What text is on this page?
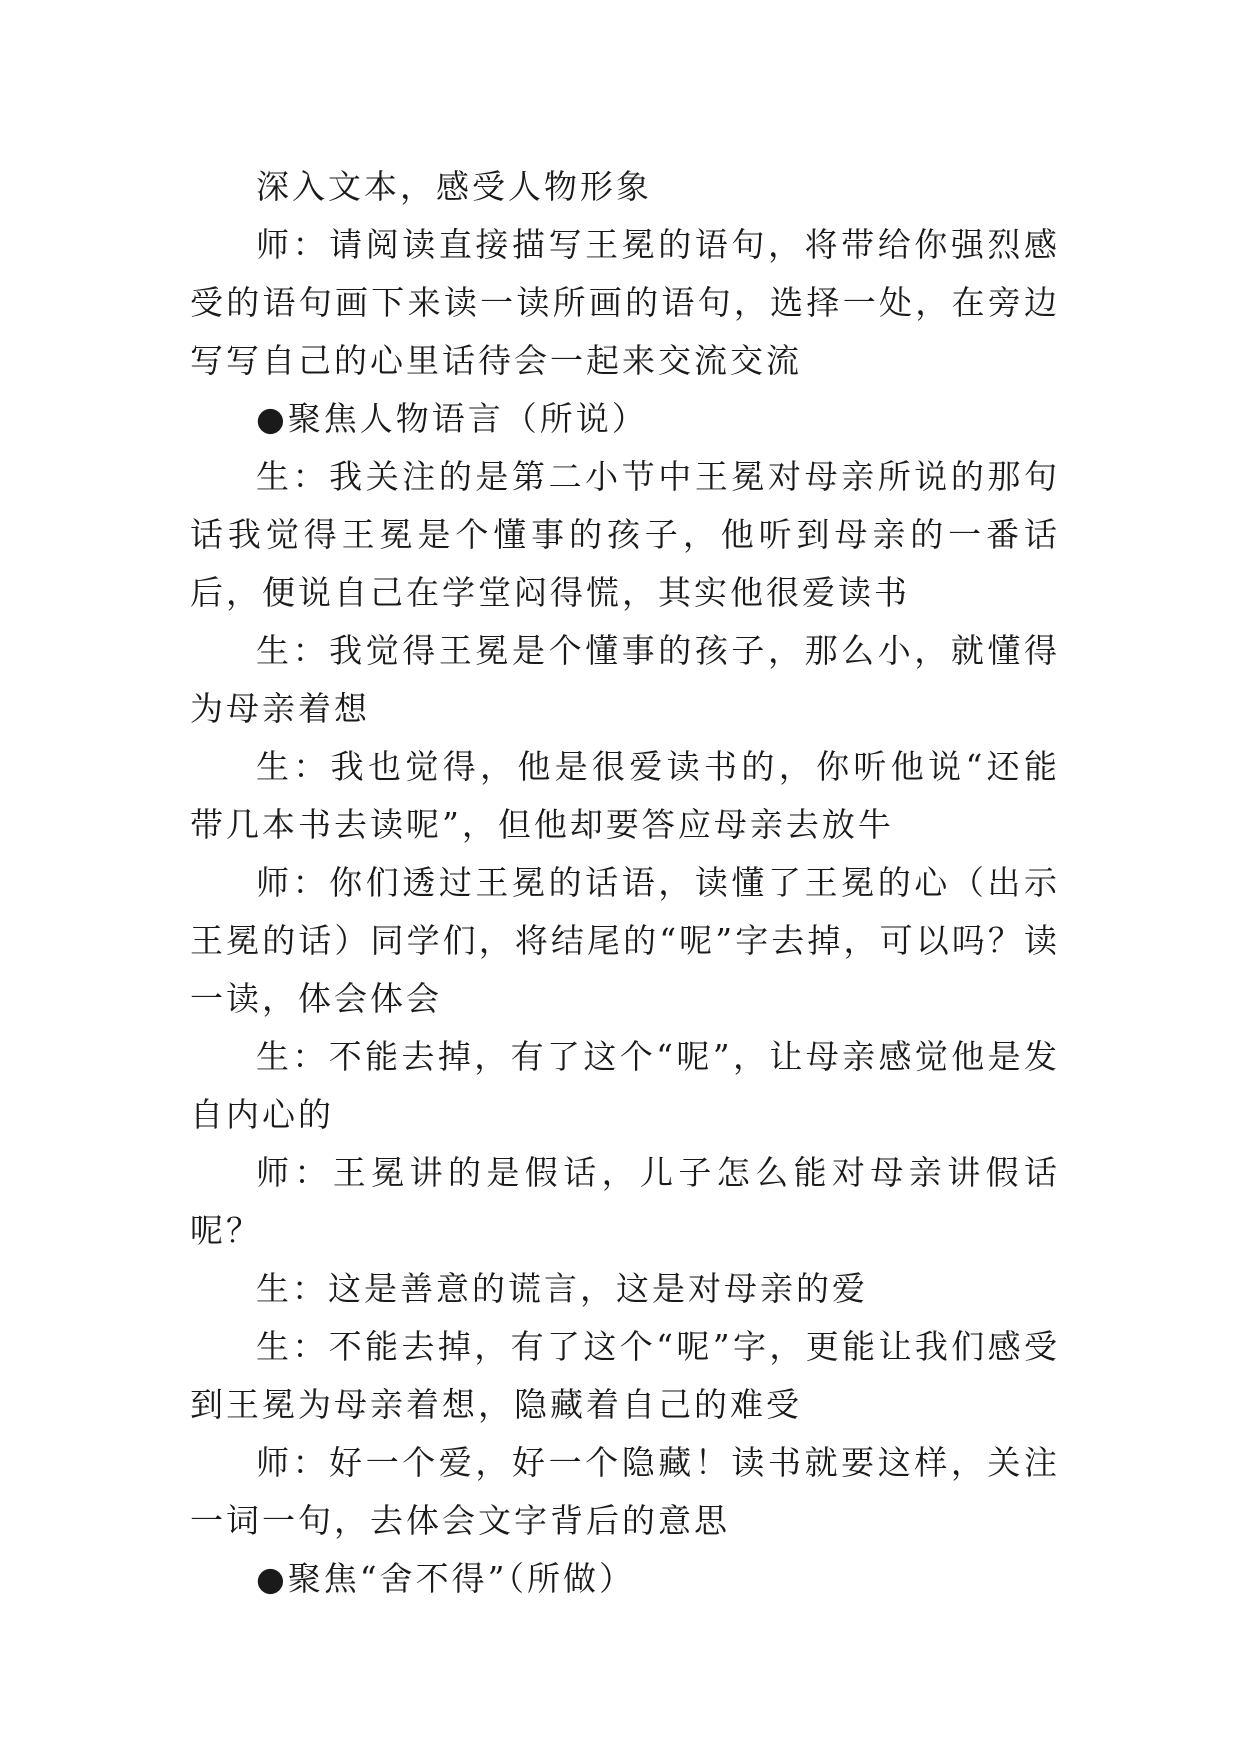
深入文本，感受人物形象

师：请阅读直接描写王冕的语句，将带给你强烈感受的语句画下来读一读所画的语句，选择一处，在旁边写写自己的心里话待会一起来交流交流

●聚焦人物语言（所说）

生：我关注的是第二小节中王冕对母亲所说的那句话我觉得王冕是个懂事的孩子，他听到母亲的一番话后，便说自己在学堂闷得慌，其实他很爱读书

生：我觉得王冕是个懂事的孩子，那么小，就懂得为母亲着想

生：我也觉得，他是很爱读书的，你听他说“还能带几本书去读呢”，但他却要答应母亲去放牛

师：你们透过王冕的话语，读懂了王冕的心（出示王冕的话）同学们，将结尾的“呢”字去掉，可以吗？读一读，体会体会

生：不能去掉，有了这个“呢”，让母亲感觉他是发自内心的

师：王冕讲的是假话，儿子怎么能对母亲讲假话呢？

生：这是善意的谎言，这是对母亲的爱

生：不能去掉，有了这个“呢”字，更能让我们感受到王冕为母亲着想，隐藏着自己的难受

师：好一个爱，好一个隐藏！读书就要这样，关注一词一句，去体会文字背后的意思

●聚焦“舍不得”（所做）
